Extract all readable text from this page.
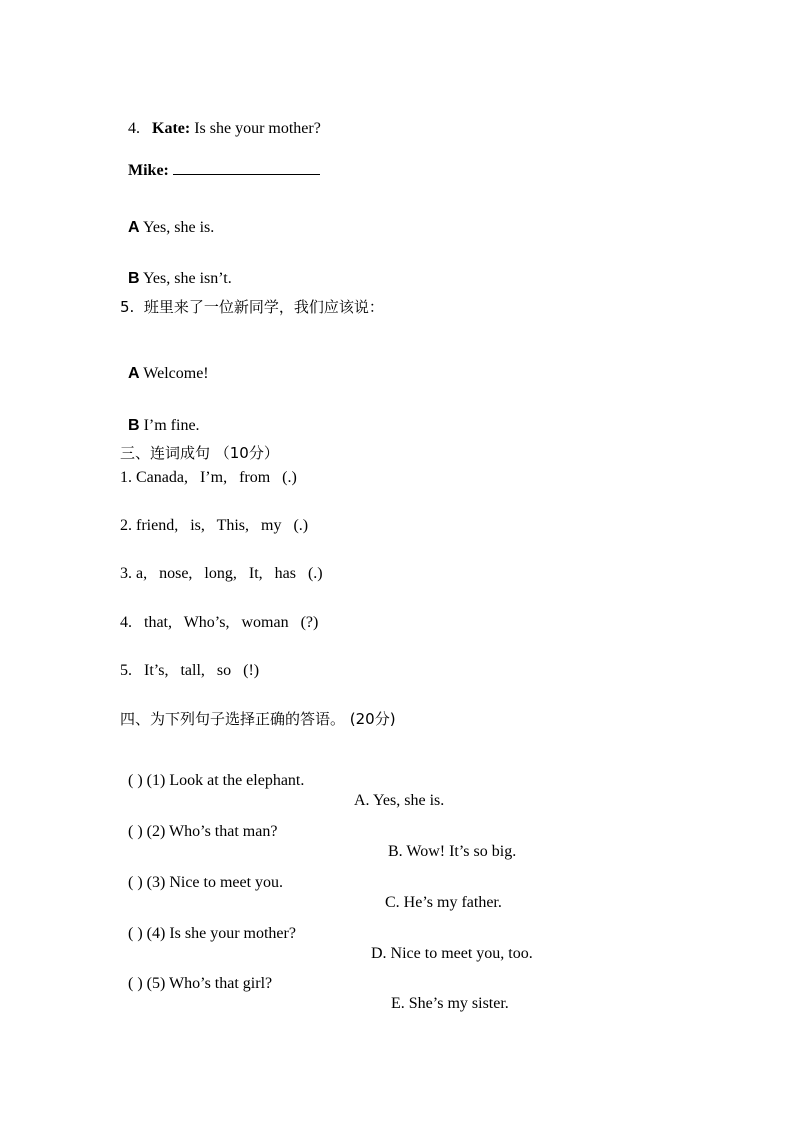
4. Kate: Is she your mother?

Mike:

A Yes, she is.

B Yes, she isn’t.

5.  班里来了一位新同学，我们应该说：

A Welcome!

B I’m fine.

三、连词成句 （10分）
1. Canada,   I’m,   from   (.)
2. friend,   is,   This,   my   (.)
3. a,   nose,   long,   It,   has   (.)
4.   that,   Who’s,   woman   (?)
5.   It’s,   tall,   so   (!)
四、为下列句子选择正确的答语。 (20分)

( ) (1) Look at the elephant.

A. Yes, she is.

( ) (2) Who’s that man?

B. Wow! It’s so big.

( ) (3) Nice to meet you.

C. He’s my father.

( ) (4) Is she your mother?

D. Nice to meet you, too.

( ) (5) Who’s that girl?

E. She’s my sister.
